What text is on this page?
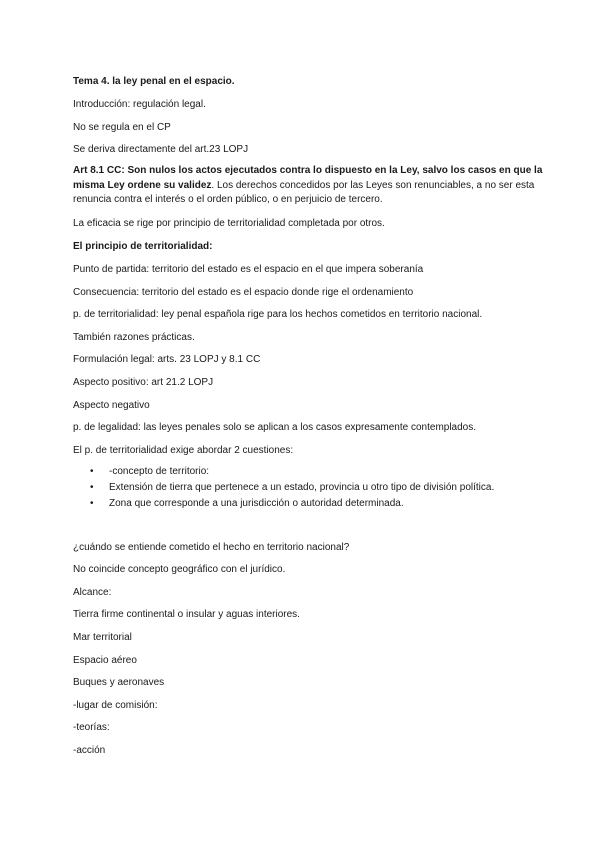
Tema 4. la ley penal en el espacio.
Introducción: regulación legal.
No se regula en el CP
Se deriva directamente del art.23 LOPJ
Art 8.1 CC: Son nulos los actos ejecutados contra lo dispuesto en la Ley, salvo los casos en que la misma Ley ordene su validez. Los derechos concedidos por las Leyes son renunciables, a no ser esta renuncia contra el interés o el orden público, o en perjuicio de tercero.
La eficacia se rige por principio de territorialidad completada por otros.
El principio de territorialidad:
Punto de partida: territorio del estado es el espacio en el que impera soberanía
Consecuencia: territorio del estado es el espacio donde rige el ordenamiento
p. de territorialidad: ley penal española rige para los hechos cometidos en territorio nacional.
También razones prácticas.
Formulación legal: arts. 23 LOPJ y 8.1 CC
Aspecto positivo: art 21.2 LOPJ
Aspecto negativo
p. de legalidad: las leyes penales solo se aplican a los casos expresamente contemplados.
El p. de territorialidad exige abordar 2 cuestiones:
• -concepto de territorio:
• Extensión de tierra que pertenece a un estado, provincia u otro tipo de división política.
• Zona que corresponde a una jurisdicción o autoridad determinada.
¿cuándo se entiende cometido el hecho en territorio nacional?
No coincide concepto geográfico con el jurídico.
Alcance:
Tierra firme continental o insular y aguas interiores.
Mar territorial
Espacio aéreo
Buques y aeronaves
-lugar de comisión:
-teorías:
-acción
